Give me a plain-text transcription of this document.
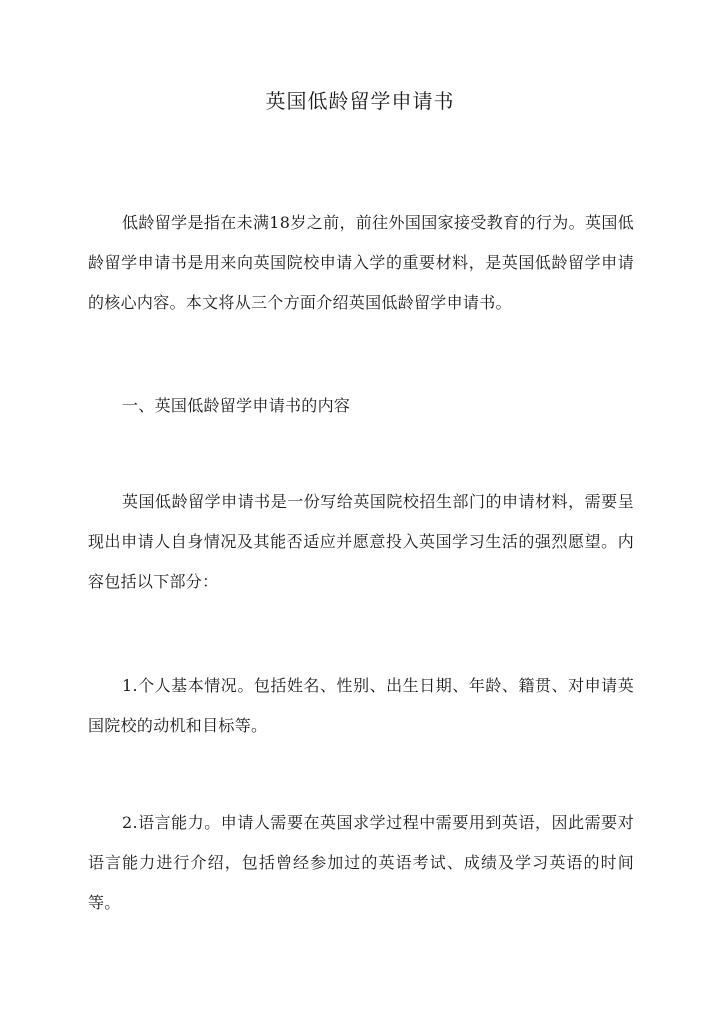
英国低龄留学申请书

低龄留学是指在未满18岁之前，前往外国国家接受教育的行为。英国低龄留学申请书是用来向英国院校申请入学的重要材料，是英国低龄留学申请的核心内容。本文将从三个方面介绍英国低龄留学申请书。

一、英国低龄留学申请书的内容

英国低龄留学申请书是一份写给英国院校招生部门的申请材料，需要呈现出申请人自身情况及其能否适应并愿意投入英国学习生活的强烈愿望。内容包括以下部分：

1.个人基本情况。包括姓名、性别、出生日期、年龄、籍贯、对申请英国院校的动机和目标等。

2.语言能力。申请人需要在英国求学过程中需要用到英语，因此需要对语言能力进行介绍，包括曾经参加过的英语考试、成绩及学习英语的时间等。
